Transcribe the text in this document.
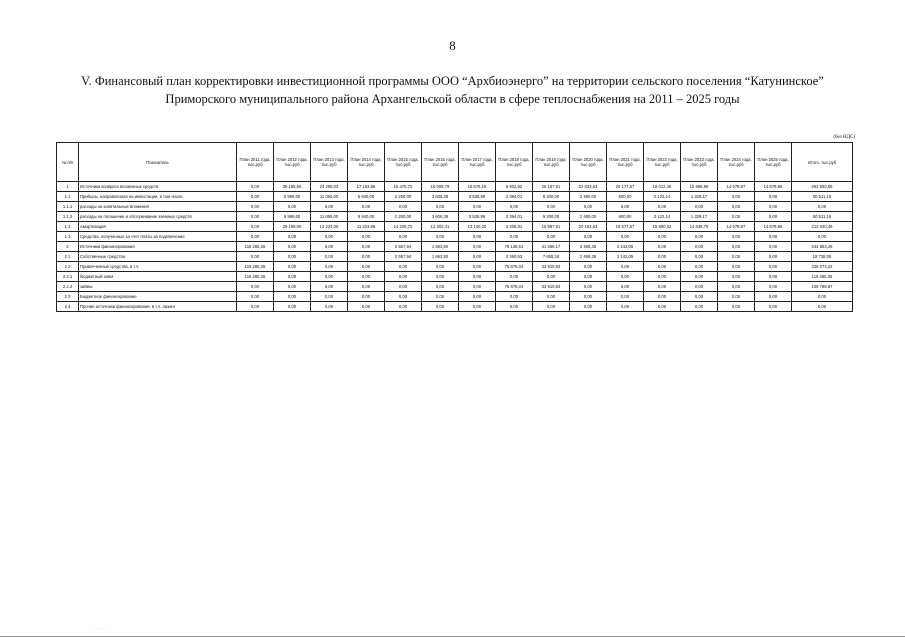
8
V. Финансовый план корректировки инвестиционной программы ООО “Архбиоэнерго” на территории сельского поселения “Катунинское”
Приморского муниципального района Архангельской области в сфере теплоснабжения на 2011 – 2025 годы
(без НДС)
№ п/п	Показатель	План 2011 года, тыс.руб	План 2012 года, тыс.руб	План 2013 года, тыс.руб	План 2014 года, тыс.руб	План 2015 года, тыс.руб	План 2016 года, тыс.руб	План 2017 года, тыс.руб	План 2018 года, тыс.руб	План 2019 года, тыс.руб	План 2020 года, тыс.руб	План 2021 года, тыс.руб	План 2022 года, тыс.руб	План 2023 года, тыс.руб	План 2024 года, тыс.руб	План 2025 года, тыс.руб	Итого, тыс.руб
1	Источники возврата вложенных средств	0,00	35 185,60	24 298,03	17 163,96	16 475,70	16 008,79	16 676,19	6 602,92	25 187,81	22 633,63	20 177,67	18 012,46	15 968,96	14 678,87	14 678,86	262 550,65
1.1	Прибыль, направленная на инвестиции, в том числе	0,00	5 986,60	11 065,00	5 940,00	2 250,00	3 606,38	3 535,99	3 394,01	9 200,00	2 480,00	600,00	2 122,14	1 329,17	0,00	0,00	50 511,19
1.1.1	расходы на капитальные вложения	0,00	0,00	0,00	0,00	0,00	0,00	0,00	0,00	0,00	0,00	0,00	0,00	0,00	0,00	0,00	0,00
1.1.2	расходы на погашение и обслуживание заемных средств	0,00	5 986,60	11 065,00	5 940,00	2 250,00	3 606,38	3 535,99	3 394,01	9 200,00	2 480,00	600,00	2 122,14	1 329,17	0,00	0,00	50 511,19
1.2	Амортизация	0,00	29 199,00	13 223,00	11 223,96	14 225,70	12 402,41	13 140,20	3 208,91	15 987,81	20 153,63	19 577,67	15 890,32	14 639,79	14 678,87	14 678,86	212 040,46
1.3	Средства, полученные за счет платы за подключение	0,00	0,00	0,00	0,00	0,00	0,00	0,00	0,00	0,00	0,00	0,00	0,00	0,00	0,00	0,00	0,00
2	Источники финансирования	116 285,35	0,00	0,00	0,00	2 557,94	1 663,80	0,00	78 138,51	41 566,17	2 468,38	2 142,05	0,00	0,00	0,00	0,00	244 853,28
2.1	Собственные средства	0,00	0,00	0,00	0,00	2 557,94	1 663,80	0,00	3 260,53	7 655,34	2 468,38	2 142,05	0,00	0,00	0,00	0,00	19 738,06
2.2	Привлеченные средства, в т.ч.	116 285,35	0,00	0,00	0,00	0,00	0,00	0,00	75 878,04	33 910,83	0,00	0,00	0,00	0,00	0,00	0,00	226 074,22
2.2.1	бюджетный заём	116 285,35	0,00	0,00	0,00	0,00	0,00	0,00	0,00	0,00	0,00	0,00	0,00	0,00	0,00	0,00	116 285,35
2.2.2	займы	0,00	0,00	0,00	0,00	0,00	0,00	0,00	75 878,04	33 910,83	0,00	0,00	0,00	0,00	0,00	0,00	109 788,87
2.3	Бюджетное финансирование	0,00	0,00	0,00	0,00	0,00	0,00	0,00	0,00	0,00	0,00	0,00	0,00	0,00	0,00	0,00	0,00
2.4	Прочие источники финансирования, в т.ч. лизинг	0,00	0,00	0,00	0,00	0,00	0,00	0,00	0,00	0,00	0,00	0,00	0,00	0,00	0,00	0,00	0,00
· · · · ·
